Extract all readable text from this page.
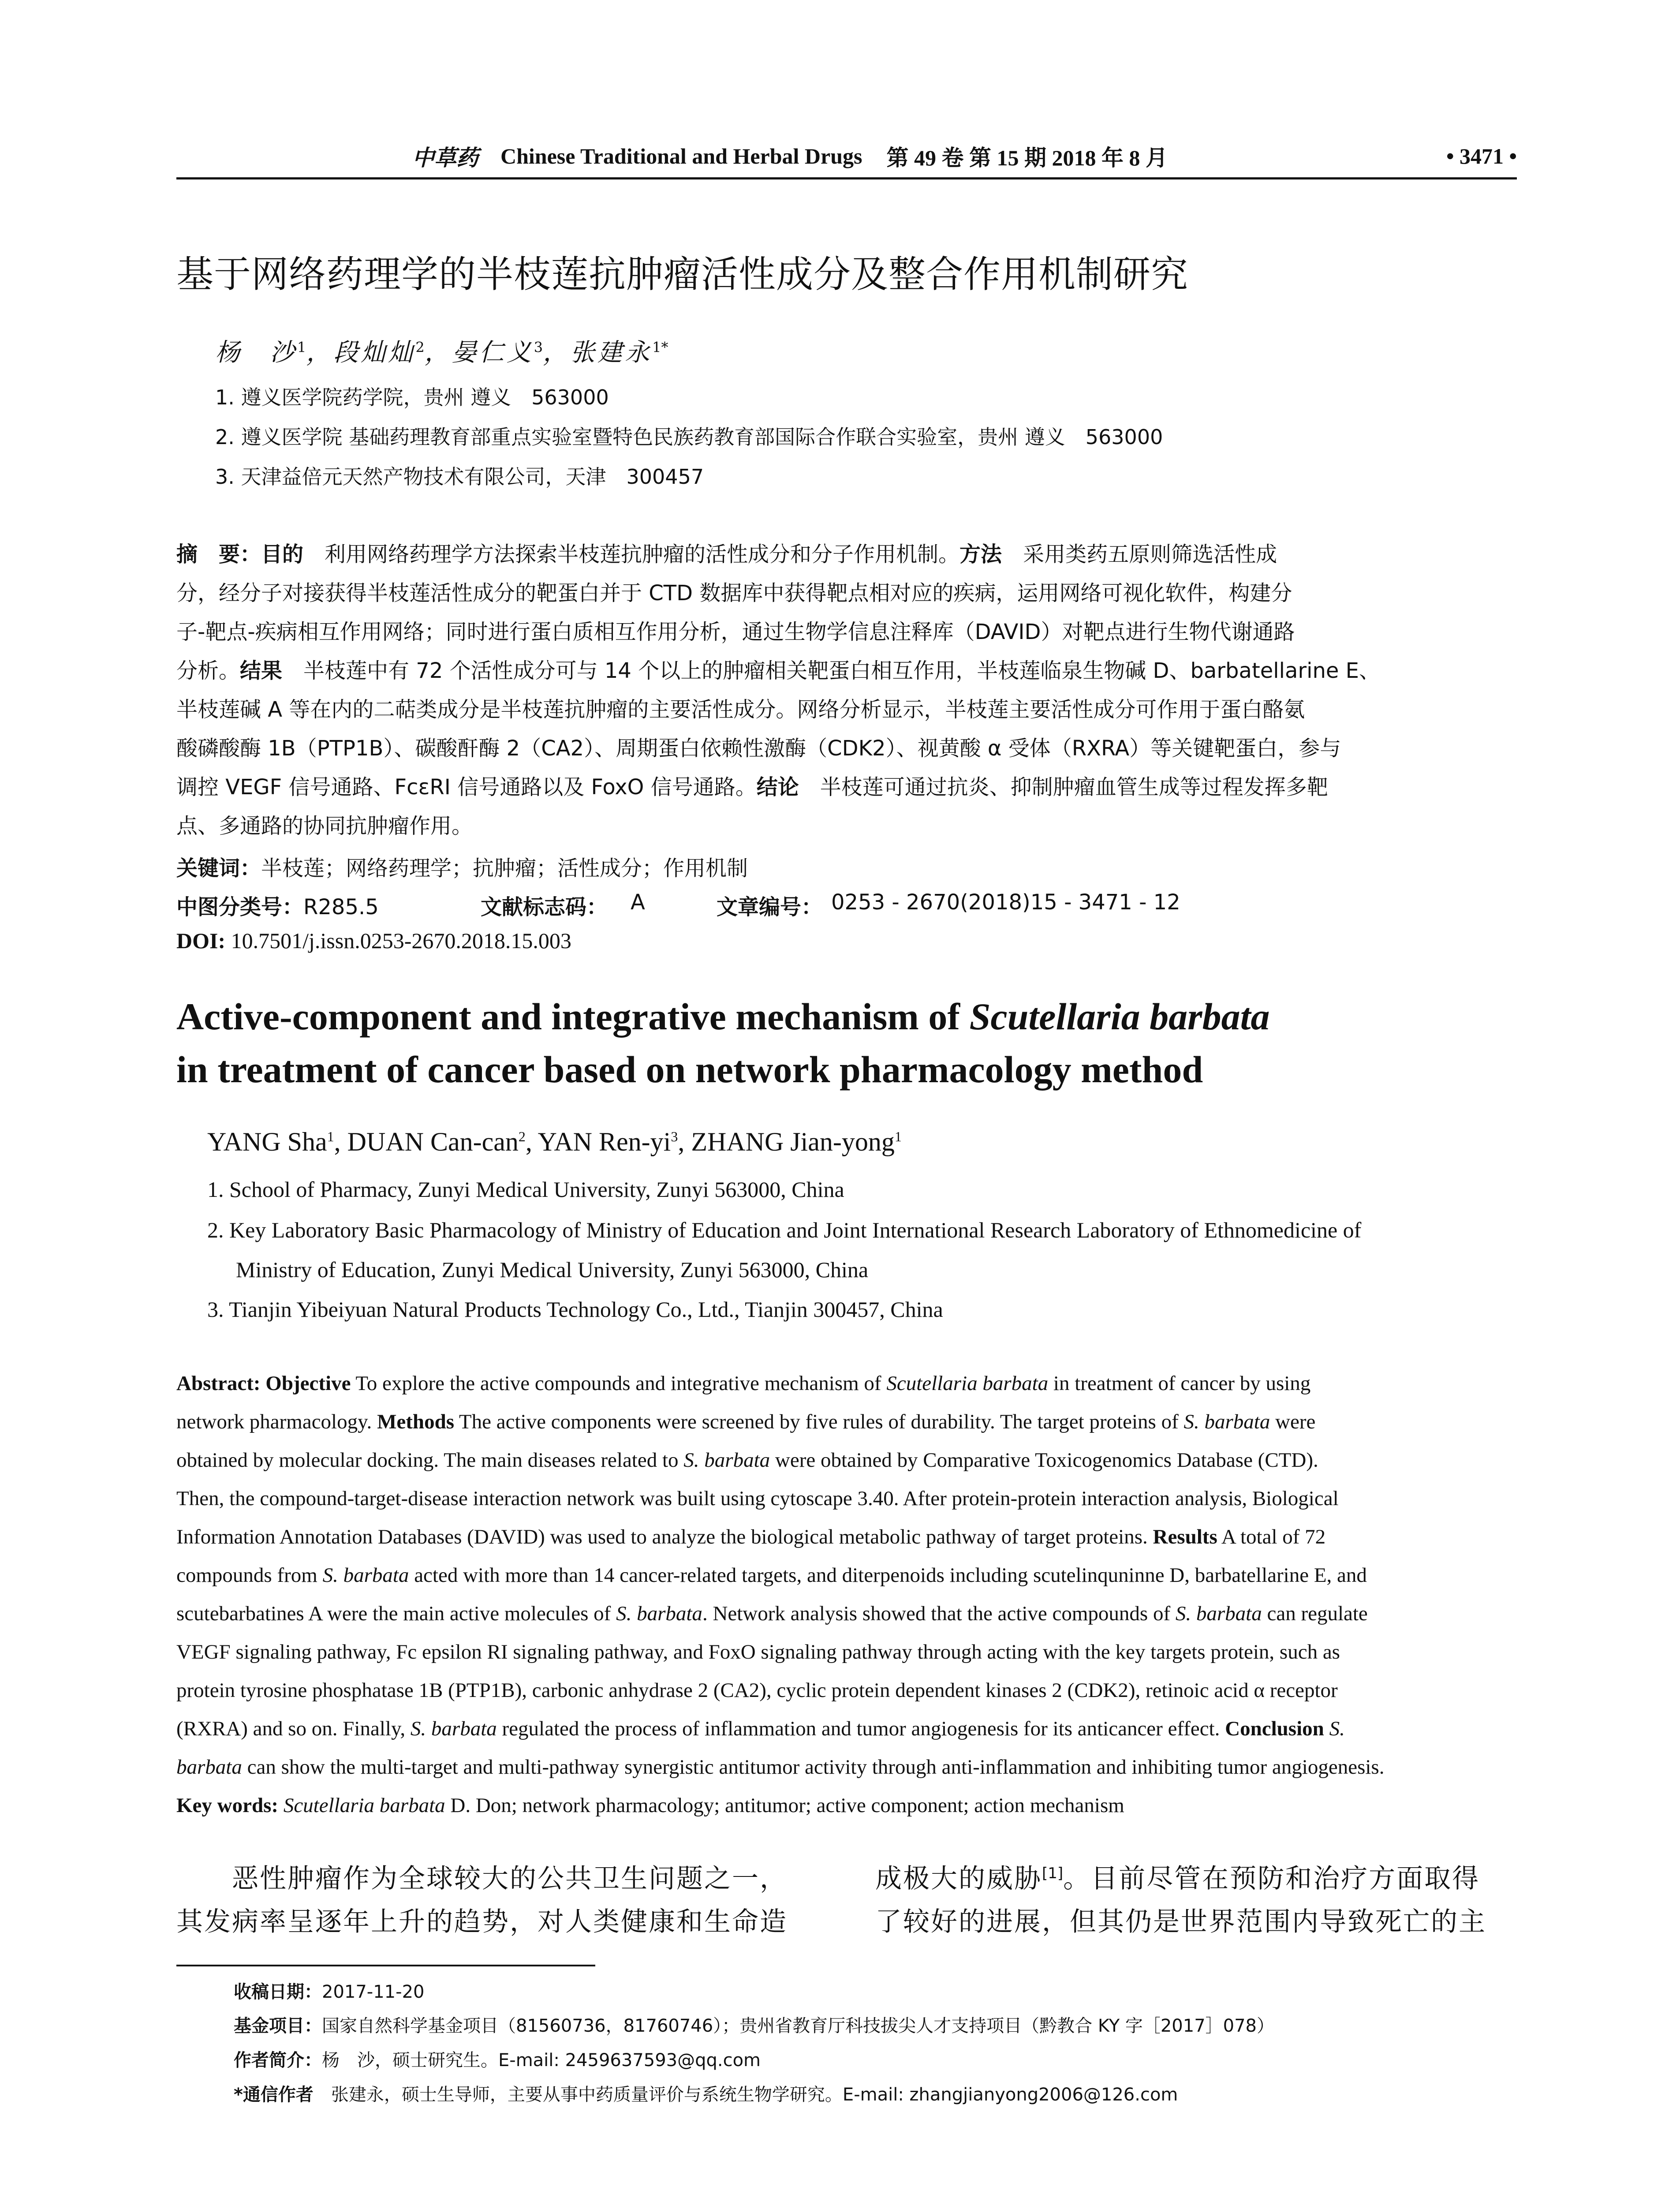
中草药 Chinese Traditional and Herbal Drugs 第 49 卷 第 15 期 2018 年 8 月	• 3471 •
基于网络药理学的半枝莲抗肿瘤活性成分及整合作用机制研究
杨　沙$^1$，段灿灿$^2$，晏仁义$^3$，张建永$^{1*}$
1. 遵义医学院药学院，贵州 遵义　563000
2. 遵义医学院 基础药理教育部重点实验室暨特色民族药教育部国际合作联合实验室，贵州 遵义　563000
3. 天津益倍元天然产物技术有限公司，天津　300457
摘　要：目的　利用网络药理学方法探索半枝莲抗肿瘤的活性成分和分子作用机制。方法　采用类药五原则筛选活性成
分，经分子对接获得半枝莲活性成分的靶蛋白并于 CTD 数据库中获得靶点相对应的疾病，运用网络可视化软件，构建分
子-靶点-疾病相互作用网络；同时进行蛋白质相互作用分析，通过生物学信息注释库（DAVID）对靶点进行生物代谢通路
分析。结果　半枝莲中有 72 个活性成分可与 14 个以上的肿瘤相关靶蛋白相互作用，半枝莲临泉生物碱 D、barbatellarine E、
半枝莲碱 A 等在内的二萜类成分是半枝莲抗肿瘤的主要活性成分。网络分析显示，半枝莲主要活性成分可作用于蛋白酪氨
酸磷酸酶 1B（PTP1B）、碳酸酐酶 2（CA2）、周期蛋白依赖性激酶（CDK2）、视黄酸 α 受体（RXRA）等关键靶蛋白，参与
调控 VEGF 信号通路、FcεRI 信号通路以及 FoxO 信号通路。结论　半枝莲可通过抗炎、抑制肿瘤血管生成等过程发挥多靶
点、多通路的协同抗肿瘤作用。
关键词：半枝莲；网络药理学；抗肿瘤；活性成分；作用机制
中图分类号：R285.5	文献标志码： A	文章编号： 0253 - 2670(2018)15 - 3471 - 12
DOI: 10.7501/j.issn.0253-2670.2018.15.003
Active-component and integrative mechanism of Scutellaria barbata
in treatment of cancer based on network pharmacology method
YANG Sha$^1$, DUAN Can-can$^2$, YAN Ren-$yi^3$, ZHANG Jian-yong$^1$
1. School of Pharmacy, Zunyi Medical University, Zunyi 563000, China
2. Key Laboratory Basic Pharmacology of Ministry of Education and Joint International Research Laboratory of Ethnomedicine of
Ministry of Education, Zunyi Medical University, Zunyi 563000, China
3. Tianjin Yibeiyuan Natural Products Technology Co., Ltd., Tianjin 300457, China
Abstract: Objective To explore the active compounds and integrative mechanism of Scutellaria barbata in treatment of cancer by using
network pharmacology. Methods The active components were screened by five rules of durability. The target proteins of S. barbata were
obtained by molecular docking. The main diseases related to S. barbata were obtained by Comparative Toxicogenomics Database (CTD).
Then, the compound-target-disease interaction network was built using cytoscape 3.40. After protein-protein interaction analysis, Biological
Information Annotation Databases (DAVID) was used to analyze the biological metabolic pathway of target proteins. Results A total of 72
compounds from S. barbata acted with more than 14 cancer-related targets, and diterpenoids including scutelinquninne D, barbatellarine E, and
scutebarbatines A were the main active molecules of S. barbata. Network analysis showed that the active compounds of S. barbata can regulate
VEGF signaling pathway, Fc epsilon RI signaling pathway, and FoxO signaling pathway through acting with the key targets protein, such as
protein tyrosine phosphatase 1B (PTP1B), carbonic anhydrase 2 (CA2), cyclic protein dependent kinases 2 (CDK2), retinoic acid α receptor
(RXRA) and so on. Finally, S. barbata regulated the process of inflammation and tumor angiogenesis for its anticancer effect. Conclusion S.
barbata can show the multi-target and multi-pathway synergistic antitumor activity through anti-inflammation and inhibiting tumor angiogenesis.
Key words: Scutellaria barbata D. Don; network pharmacology; antitumor; active component; action mechanism
　　恶性肿瘤作为全球较大的公共卫生问题之一，
其发病率呈逐年上升的趋势，对人类健康和生命造
成极大的威胁[1]。目前尽管在预防和治疗方面取得
了较好的进展，但其仍是世界范围内导致死亡的主
收稿日期：2017-11-20
基金项目：国家自然科学基金项目（81560736，81760746）；贵州省教育厅科技拔尖人才支持项目（黔教合 KY 字［2017］078）
作者简介：杨　沙，硕士研究生。E-mail: 2459637593@qq.com
*通信作者　张建永，硕士生导师，主要从事中药质量评价与系统生物学研究。E-mail: zhangjianyong2006@126.com
